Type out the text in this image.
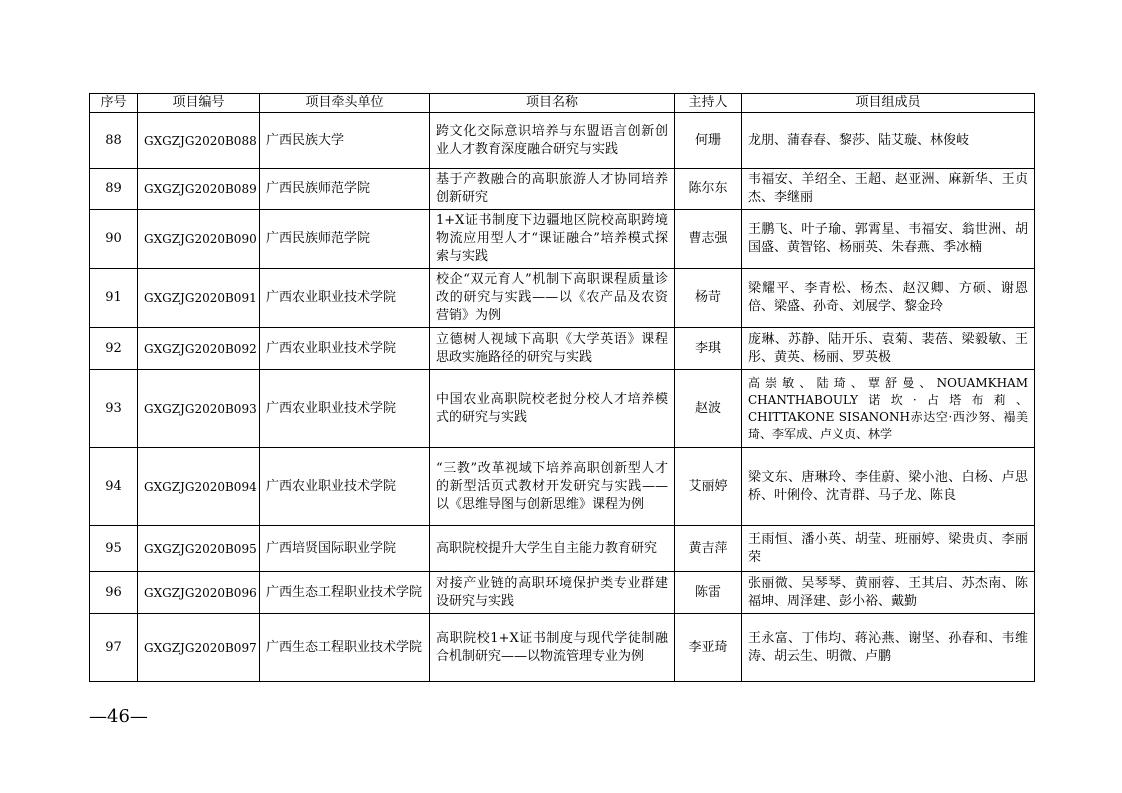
序号	项目编号	项目牵头单位	项目名称	主持人	项目组成员
88	GXGZJG2020B088	广西民族大学	跨文化交际意识培养与东盟语言创新创业人才教育深度融合研究与实践	何珊	龙朋、蒲春春、黎莎、陆艾璇、林俊岐
89	GXGZJG2020B089	广西民族师范学院	基于产教融合的高职旅游人才协同培养创新研究	陈尔东	韦福安、羊绍全、王超、赵亚洲、麻新华、王贞杰、李继丽
90	GXGZJG2020B090	广西民族师范学院	1+X证书制度下边疆地区院校高职跨境物流应用型人才“课证融合”培养模式探索与实践	曹志强	王鹏飞、叶子瑜、郭霄星、韦福安、翁世洲、胡国盛、黄智铭、杨丽英、朱春燕、季冰楠
91	GXGZJG2020B091	广西农业职业技术学院	校企“双元育人”机制下高职课程质量诊改的研究与实践——以《农产品及农资营销》为例	杨苛	梁耀平、李青松、杨杰、赵汉卿、方硕、谢恩倍、梁盛、孙奇、刘展学、黎金玲
92	GXGZJG2020B092	广西农业职业技术学院	立德树人视域下高职《大学英语》课程思政实施路径的研究与实践	李琪	庞琳、苏静、陆开乐、袁菊、裴蓓、梁毅敏、王彤、黄英、杨丽、罗英极
93	GXGZJG2020B093	广西农业职业技术学院	中国农业高职院校老挝分校人才培养模式的研究与实践	赵波	高崇敏、陆琦、覃舒曼、NOUAMKHAM CHANTHABOULY诺坎·占塔布莉、CHITTAKONE SISANONH赤达空·西沙努、褟美琦、李军成、卢义贞、林学
94	GXGZJG2020B094	广西农业职业技术学院	“三教”改革视域下培养高职创新型人才的新型活页式教材开发研究与实践——以《思维导图与创新思维》课程为例	艾丽婷	梁文东、唐琳玲、李佳蔚、梁小池、白杨、卢思桥、叶俐伶、沈青群、马子龙、陈良
95	GXGZJG2020B095	广西培贤国际职业学院	高职院校提升大学生自主能力教育研究	黄吉萍	王雨恒、潘小英、胡莹、班丽婷、梁贵贞、李丽荣
96	GXGZJG2020B096	广西生态工程职业技术学院	对接产业链的高职环境保护类专业群建设研究与实践	陈雷	张丽微、吴琴琴、黄丽蓉、王其启、苏杰南、陈福坤、周泽建、彭小裕、戴勤
97	GXGZJG2020B097	广西生态工程职业技术学院	高职院校1+X证书制度与现代学徒制融合机制研究——以物流管理专业为例	李亚琦	王永富、丁伟均、蒋沁燕、谢坚、孙春和、韦维涛、胡云生、明微、卢鹏
—46—
